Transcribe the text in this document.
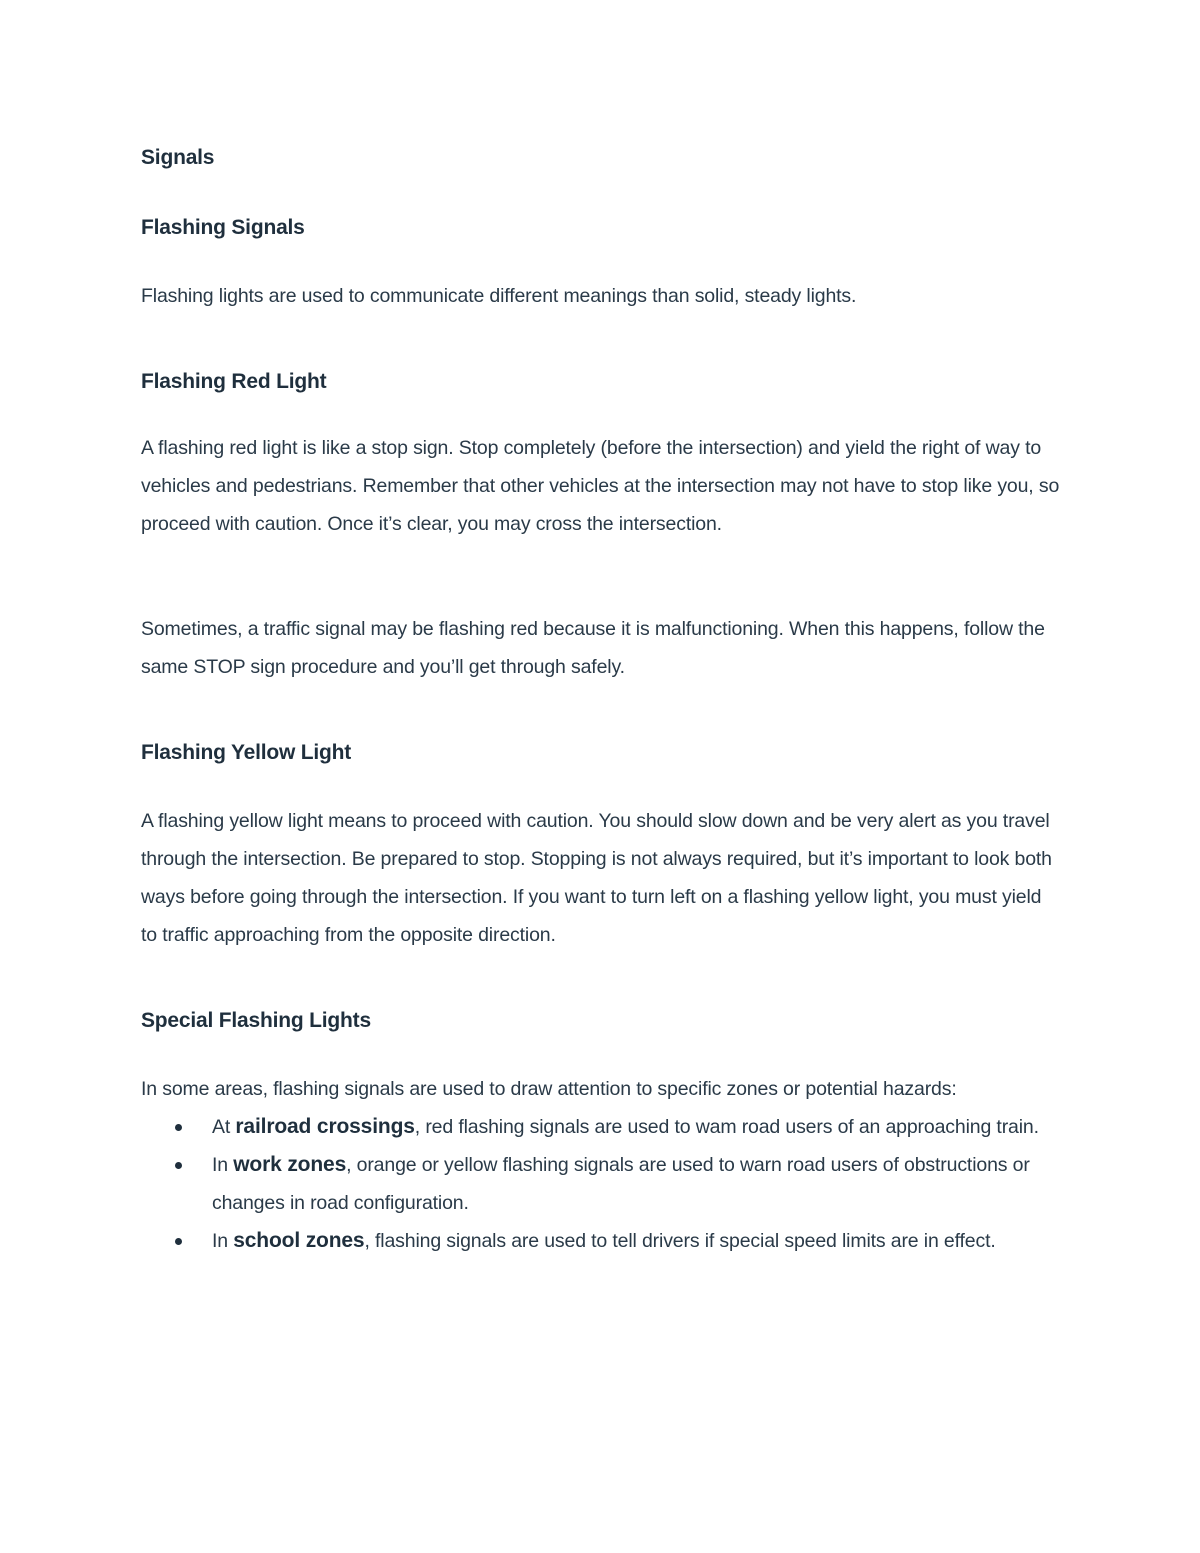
Signals
Flashing Signals

Flashing lights are used to communicate different meanings than solid, steady lights.

Flashing Red Light

A flashing red light is like a stop sign. Stop completely (before the intersection) and yield the right of way to vehicles and pedestrians. Remember that other vehicles at the intersection may not have to stop like you, so proceed with caution. Once it’s clear, you may cross the intersection.

Sometimes, a traffic signal may be flashing red because it is malfunctioning. When this happens, follow the same STOP sign procedure and you’ll get through safely.

Flashing Yellow Light

A flashing yellow light means to proceed with caution. You should slow down and be very alert as you travel through the intersection. Be prepared to stop. Stopping is not always required, but it’s important to look both ways before going through the intersection. If you want to turn left on a flashing yellow light, you must yield to traffic approaching from the opposite direction.

Special Flashing Lights

In some areas, flashing signals are used to draw attention to specific zones or potential hazards:

At railroad crossings, red flashing signals are used to wam road users of an approaching train.
In work zones, orange or yellow flashing signals are used to warn road users of obstructions or changes in road configuration.
In school zones, flashing signals are used to tell drivers if special speed limits are in effect.
